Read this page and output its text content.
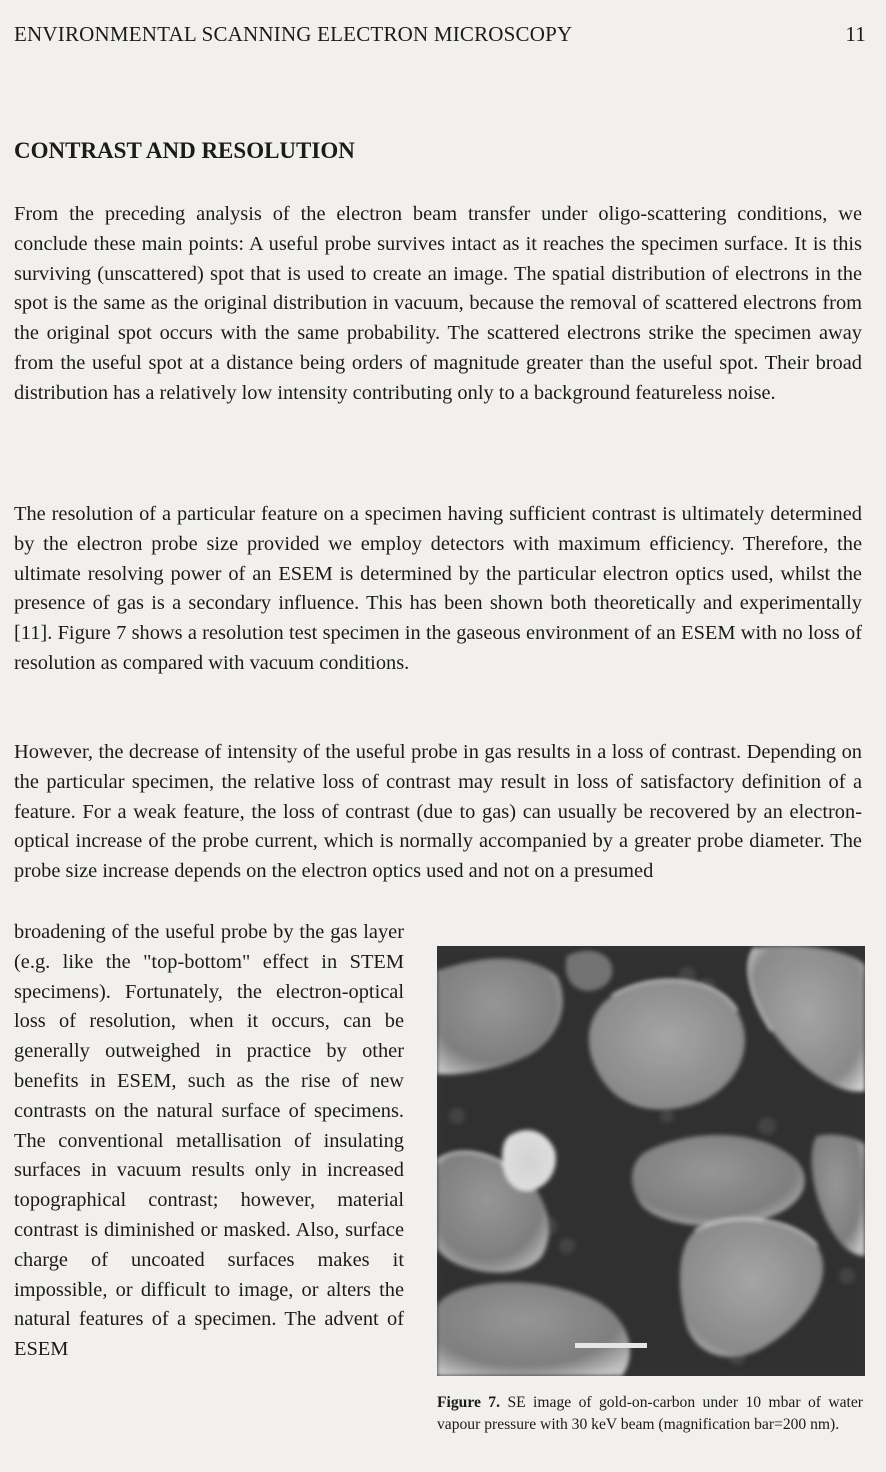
ENVIRONMENTAL SCANNING ELECTRON MICROSCOPY	11
CONTRAST AND RESOLUTION

From the preceding analysis of the electron beam transfer under oligo-scattering conditions, we conclude these main points: A useful probe survives intact as it reaches the specimen surface. It is this surviving (unscattered) spot that is used to create an image. The spatial distribution of electrons in the spot is the same as the original distribution in vacuum, because the removal of scattered electrons from the original spot occurs with the same probability. The scattered electrons strike the specimen away from the useful spot at a distance being orders of magnitude greater than the useful spot. Their broad distribution has a relatively low intensity contributing only to a background featureless noise.

The resolution of a particular feature on a specimen having sufficient contrast is ultimately determined by the electron probe size provided we employ detectors with maximum efficiency. Therefore, the ultimate resolving power of an ESEM is determined by the particular electron optics used, whilst the presence of gas is a secondary influence. This has been shown both theoretically and experimentally [11]. Figure 7 shows a resolution test specimen in the gaseous environment of an ESEM with no loss of resolution as compared with vacuum conditions.

However, the decrease of intensity of the useful probe in gas results in a loss of contrast. Depending on the particular specimen, the relative loss of contrast may result in loss of satisfactory definition of a feature. For a weak feature, the loss of contrast (due to gas) can usually be recovered by an electron-optical increase of the probe current, which is normally accompanied by a greater probe diameter. The probe size increase depends on the electron optics used and not on a presumed

broadening of the useful probe by the gas layer (e.g. like the "top-bottom" effect in STEM specimens). Fortunately, the electron-optical loss of resolution, when it occurs, can be generally outweighed in practice by other benefits in ESEM, such as the rise of new contrasts on the natural surface of specimens. The conventional metallisation of insulating surfaces in vacuum results only in increased topographical contrast; however, material contrast is diminished or masked. Also, surface charge of uncoated surfaces makes it impossible, or difficult to image, or alters the natural features of a specimen. The advent of ESEM

Figure 7. SE image of gold-on-carbon under 10 mbar of water vapour pressure with 30 keV beam (magnification bar=200 nm).
